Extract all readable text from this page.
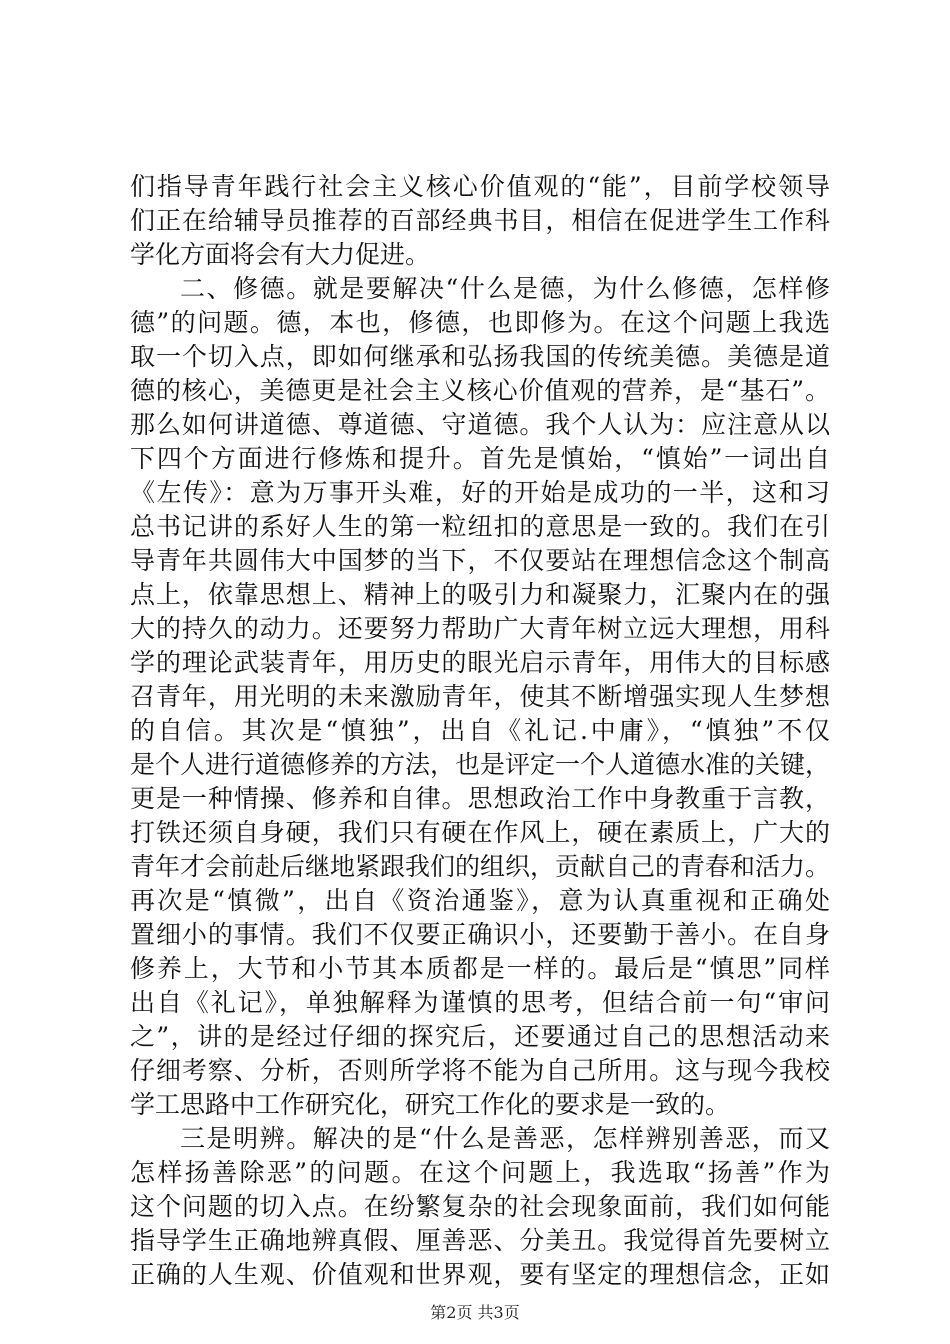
们指导青年践行社会主义核心价值观的“能”，目前学校领导
们正在给辅导员推荐的百部经典书目，相信在促进学生工作科
学化方面将会有大力促进。
二、修德。就是要解决“什么是德，为什么修德，怎样修
德”的问题。德，本也，修德，也即修为。在这个问题上我选
取一个切入点，即如何继承和弘扬我国的传统美德。美德是道
德的核心，美德更是社会主义核心价值观的营养，是“基石”。
那么如何讲道德、尊道德、守道德。我个人认为：应注意从以
下四个方面进行修炼和提升。首先是慎始，“慎始”一词出自
《左传》：意为万事开头难，好的开始是成功的一半，这和习
总书记讲的系好人生的第一粒纽扣的意思是一致的。我们在引
导青年共圆伟大中国梦的当下，不仅要站在理想信念这个制高
点上，依靠思想上、精神上的吸引力和凝聚力，汇聚内在的强
大的持久的动力。还要努力帮助广大青年树立远大理想，用科
学的理论武装青年，用历史的眼光启示青年，用伟大的目标感
召青年，用光明的未来激励青年，使其不断增强实现人生梦想
的自信。其次是“慎独”，出自《礼记.中庸》，“慎独”不仅
是个人进行道德修养的方法，也是评定一个人道德水准的关键，
更是一种情操、修养和自律。思想政治工作中身教重于言教，
打铁还须自身硬，我们只有硬在作风上，硬在素质上，广大的
青年才会前赴后继地紧跟我们的组织，贡献自己的青春和活力。
再次是“慎微”，出自《资治通鉴》，意为认真重视和正确处
置细小的事情。我们不仅要正确识小，还要勤于善小。在自身
修养上，大节和小节其本质都是一样的。最后是“慎思”同样
出自《礼记》，单独解释为谨慎的思考，但结合前一句“审问
之”，讲的是经过仔细的探究后，还要通过自己的思想活动来
仔细考察、分析，否则所学将不能为自己所用。这与现今我校
学工思路中工作研究化，研究工作化的要求是一致的。
三是明辨。解决的是“什么是善恶，怎样辨别善恶，而又
怎样扬善除恶”的问题。在这个问题上，我选取“扬善”作为
这个问题的切入点。在纷繁复杂的社会现象面前，我们如何能
指导学生正确地辨真假、厘善恶、分美丑。我觉得首先要树立
正确的人生观、价值观和世界观，要有坚定的理想信念，正如
第2页 共3页
